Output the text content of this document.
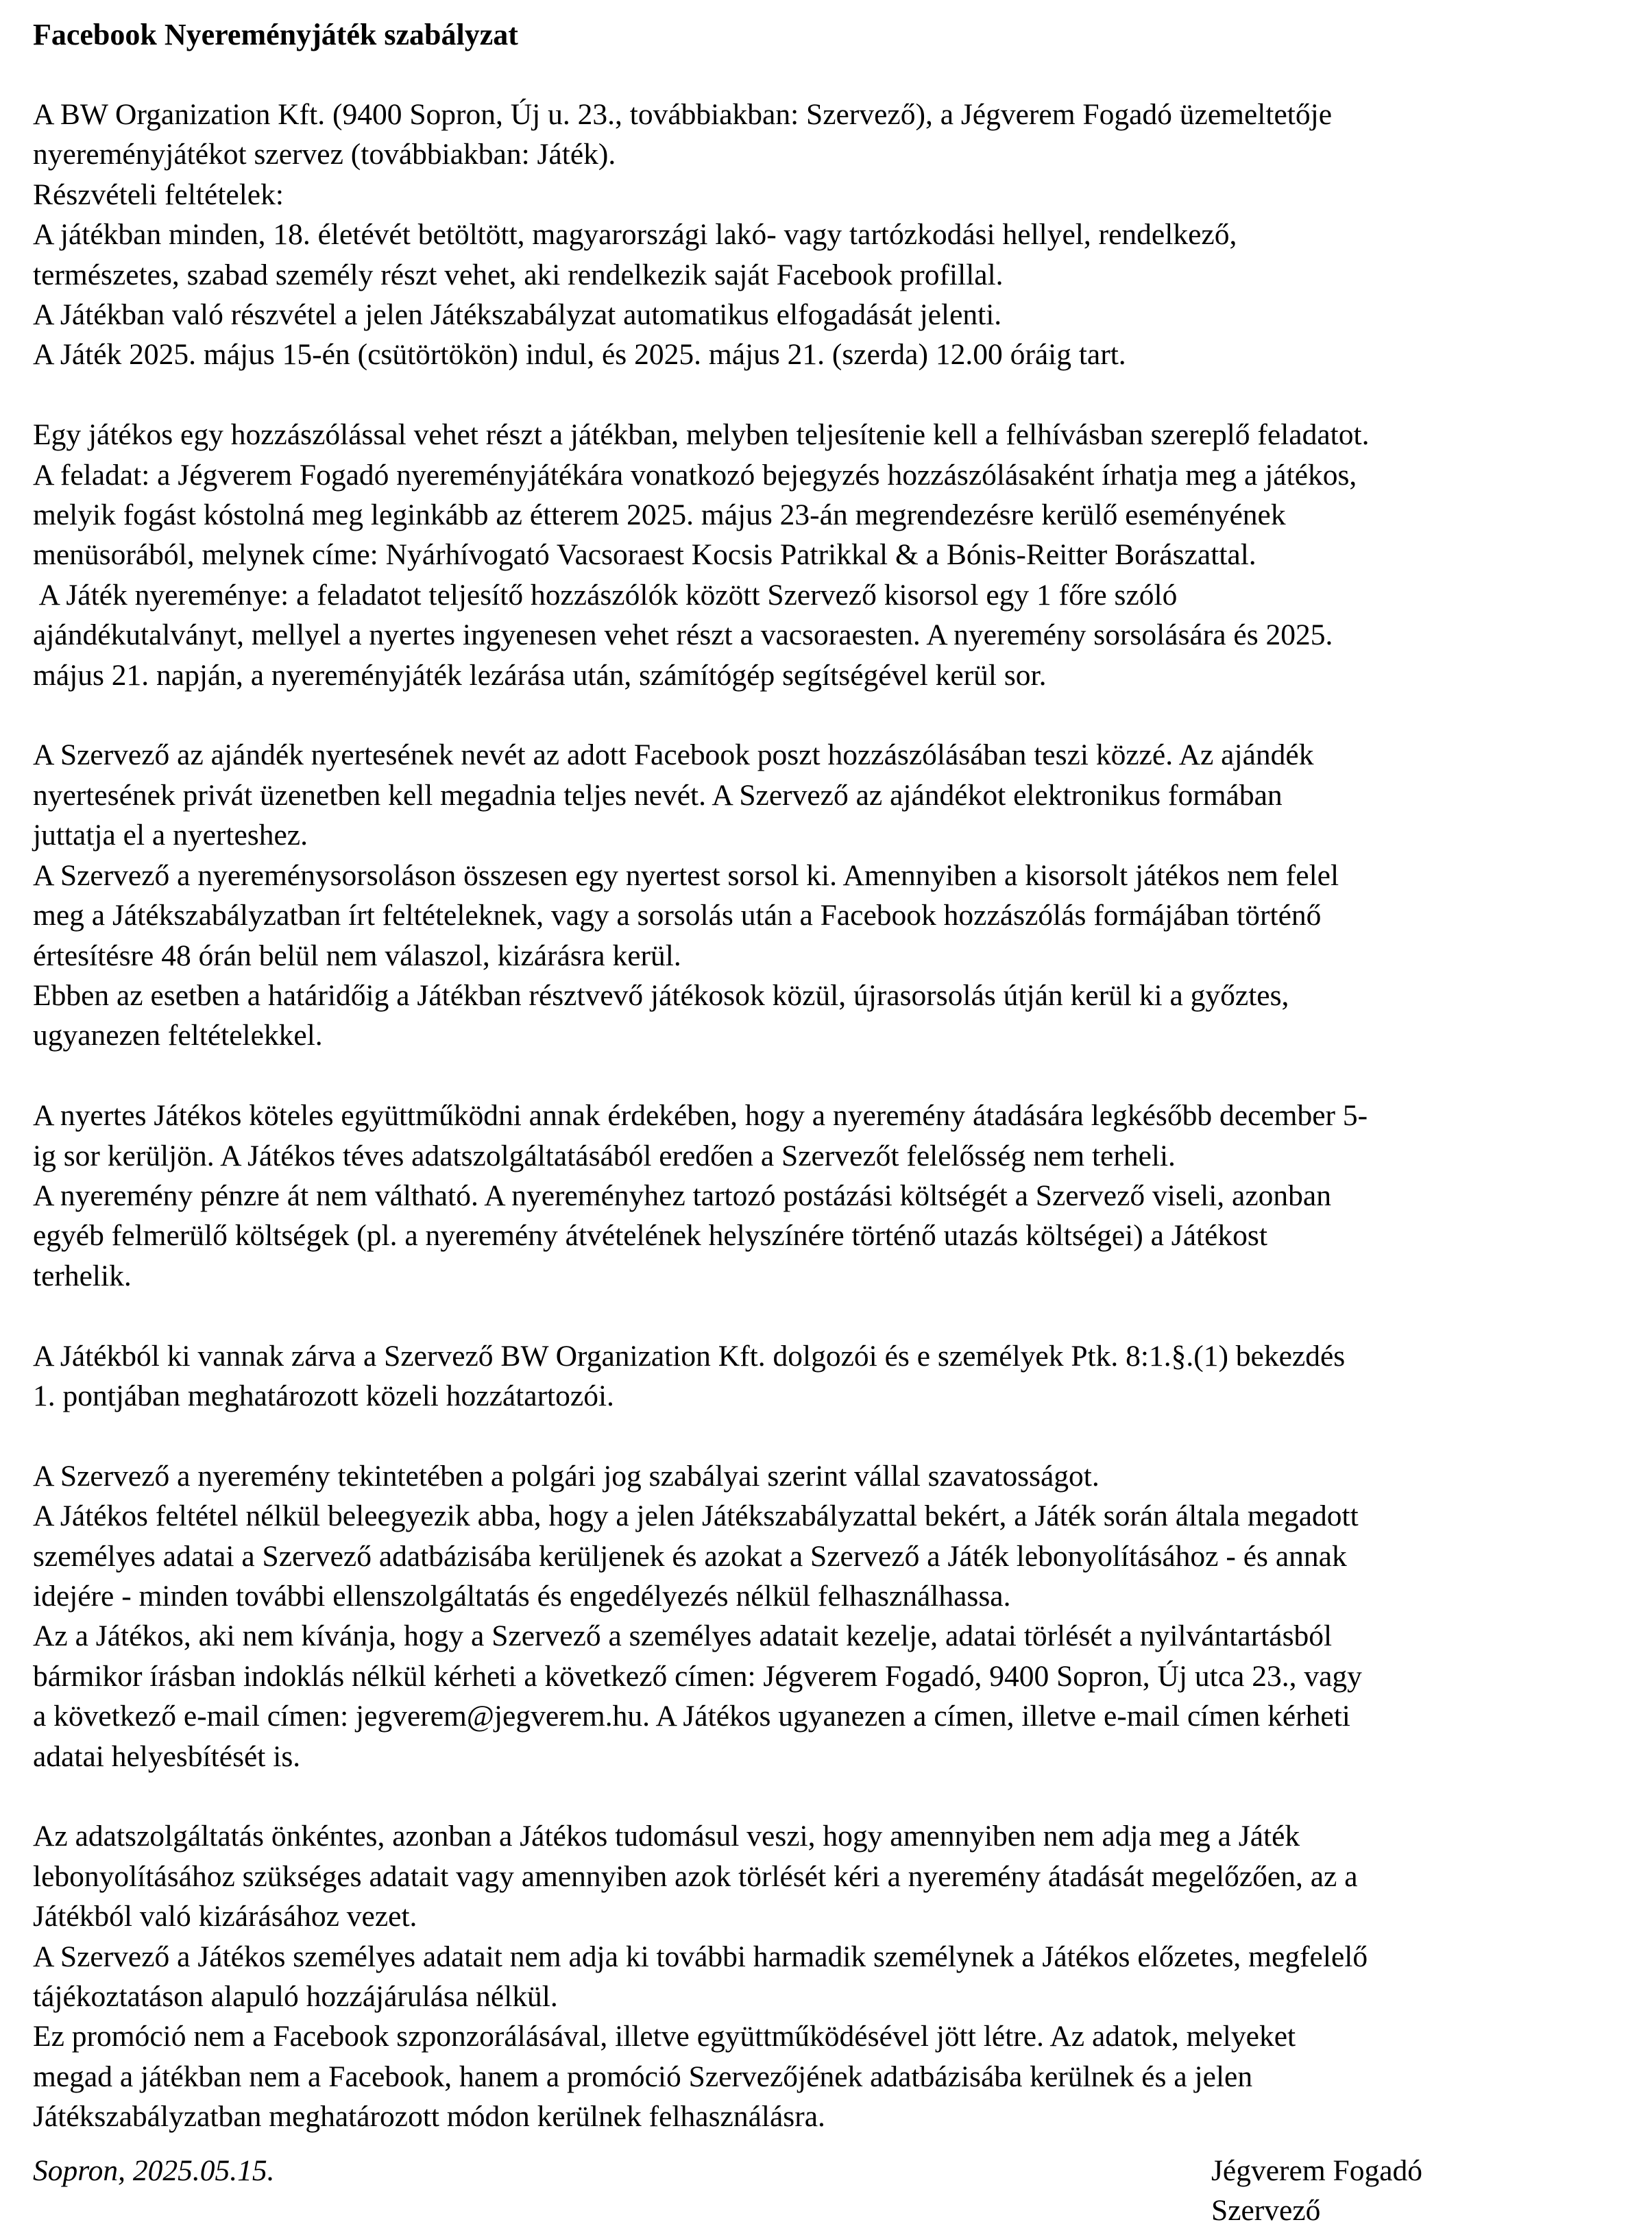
Facebook Nyereményjáték szabályzat
A BW Organization Kft. (9400 Sopron, Új u. 23., továbbiakban: Szervező), a Jégverem Fogadó üzemeltetője
nyereményjátékot szervez (továbbiakban: Játék).
Részvételi feltételek:
A játékban minden, 18. életévét betöltött, magyarországi lakó- vagy tartózkodási hellyel, rendelkező,
természetes, szabad személy részt vehet, aki rendelkezik saját Facebook profillal.
A Játékban való részvétel a jelen Játékszabályzat automatikus elfogadását jelenti.
A Játék 2025. május 15-én (csütörtökön) indul, és 2025. május 21. (szerda) 12.00 óráig tart.
Egy játékos egy hozzászólással vehet részt a játékban, melyben teljesítenie kell a felhívásban szereplő feladatot.
A feladat: a Jégverem Fogadó nyereményjátékára vonatkozó bejegyzés hozzászólásaként írhatja meg a játékos,
melyik fogást kóstolná meg leginkább az étterem 2025. május 23-án megrendezésre kerülő eseményének
menüsorából, melynek címe: Nyárhívogató Vacsoraest Kocsis Patrikkal & a Bónis-Reitter Borászattal.
A Játék nyereménye: a feladatot teljesítő hozzászólók között Szervező kisorsol egy 1 főre szóló
ajándékutalványt, mellyel a nyertes ingyenesen vehet részt a vacsoraesten. A nyeremény sorsolására és 2025.
május 21. napján, a nyereményjáték lezárása után, számítógép segítségével kerül sor.
A Szervező az ajándék nyertesének nevét az adott Facebook poszt hozzászólásában teszi közzé. Az ajándék
nyertesének privát üzenetben kell megadnia teljes nevét. A Szervező az ajándékot elektronikus formában
juttatja el a nyerteshez.
A Szervező a nyereménysorsoláson összesen egy nyertest sorsol ki. Amennyiben a kisorsolt játékos nem felel
meg a Játékszabályzatban írt feltételeknek, vagy a sorsolás után a Facebook hozzászólás formájában történő
értesítésre 48 órán belül nem válaszol, kizárásra kerül.
Ebben az esetben a határidőig a Játékban résztvevő játékosok közül, újrasorsolás útján kerül ki a győztes,
ugyanezen feltételekkel.
A nyertes Játékos köteles együttműködni annak érdekében, hogy a nyeremény átadására legkésőbb december 5-
ig sor kerüljön. A Játékos téves adatszolgáltatásából eredően a Szervezőt felelősség nem terheli.
A nyeremény pénzre át nem váltható. A nyereményhez tartozó postázási költségét a Szervező viseli, azonban
egyéb felmerülő költségek (pl. a nyeremény átvételének helyszínére történő utazás költségei) a Játékost
terhelik.
A Játékból ki vannak zárva a Szervező BW Organization Kft. dolgozói és e személyek Ptk. 8:1.§.(1) bekezdés
1. pontjában meghatározott közeli hozzátartozói.
A Szervező a nyeremény tekintetében a polgári jog szabályai szerint vállal szavatosságot.
A Játékos feltétel nélkül beleegyezik abba, hogy a jelen Játékszabályzattal bekért, a Játék során általa megadott
személyes adatai a Szervező adatbázisába kerüljenek és azokat a Szervező a Játék lebonyolításához - és annak
idejére - minden további ellenszolgáltatás és engedélyezés nélkül felhasználhassa.
Az a Játékos, aki nem kívánja, hogy a Szervező a személyes adatait kezelje, adatai törlését a nyilvántartásból
bármikor írásban indoklás nélkül kérheti a következő címen: Jégverem Fogadó, 9400 Sopron, Új utca 23., vagy
a következő e-mail címen: jegverem@jegverem.hu. A Játékos ugyanezen a címen, illetve e-mail címen kérheti
adatai helyesbítését is.
Az adatszolgáltatás önkéntes, azonban a Játékos tudomásul veszi, hogy amennyiben nem adja meg a Játék
lebonyolításához szükséges adatait vagy amennyiben azok törlését kéri a nyeremény átadását megelőzően, az a
Játékból való kizárásához vezet.
A Szervező a Játékos személyes adatait nem adja ki további harmadik személynek a Játékos előzetes, megfelelő
tájékoztatáson alapuló hozzájárulása nélkül.
Ez promóció nem a Facebook szponzorálásával, illetve együttműködésével jött létre. Az adatok, melyeket
megad a játékban nem a Facebook, hanem a promóció Szervezőjének adatbázisába kerülnek és a jelen
Játékszabályzatban meghatározott módon kerülnek felhasználásra.
Sopron, 2025.05.15.	Jégverem Fogadó
Szervező
